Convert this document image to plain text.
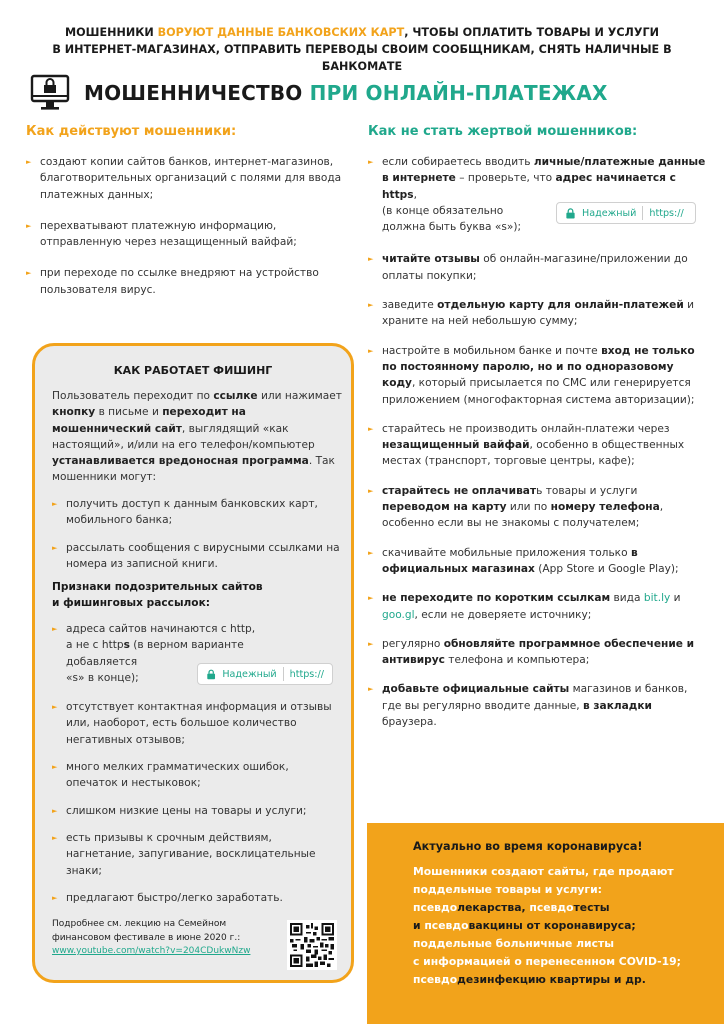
МОШЕННИКИ ВОРУЮТ ДАННЫЕ БАНКОВСКИХ КАРТ, ЧТОБЫ ОПЛАТИТЬ ТОВАРЫ И УСЛУГИ
В ИНТЕРНЕТ-МАГАЗИНАХ, ОТПРАВИТЬ ПЕРЕВОДЫ СВОИМ СООБЩНИКАМ, СНЯТЬ НАЛИЧНЫЕ В БАНКОМАТЕ
МОШЕННИЧЕСТВО ПРИ ОНЛАЙН-ПЛАТЕЖАХ
Как действуют мошенники:
► создают копии сайтов банков, интернет-магазинов, благотворительных организаций с полями для ввода платежных данных;
► перехватывают платежную информацию, отправленную через незащищенный вайфай;
► при переходе по ссылке внедряют на устройство пользователя вирус.
КАК РАБОТАЕТ ФИШИНГ
Пользователь переходит по ссылке или нажимает кнопку в письме и переходит на мошеннический сайт, выглядящий «как настоящий», и/или на его телефон/компьютер устанавливается вредоносная программа. Так мошенники могут:
► получить доступ к данным банковских карт, мобильного банка;
► рассылать сообщения с вирусными ссылками на номера из записной книги.
Признаки подозрительных сайтов
и фишинговых рассылок:
► адреса сайтов начинаются с http,
а не с https (в верном варианте
добавляется
«s» в конце);
► отсутствует контактная информация и отзывы или, наоборот, есть большое количество негативных отзывов;
► много мелких грамматических ошибок, опечаток и нестыковок;
► слишком низкие цены на товары и услуги;
► есть призывы к срочным действиям, нагнетание, запугивание, восклицательные знаки;
► предлагают быстро/легко заработать.
Надежный https://
Подробнее см. лекцию на Семейном
финансовом фестивале в июне 2020 г.:
www.youtube.com/watch?v=204CDukwNzw
Как не стать жертвой мошенников:
► если собираетесь вводить личные/платежные данные в интернете – проверьте, что адрес начинается с https,
(в конце обязательно
должна быть буква «s»);
► читайте отзывы об онлайн-магазине/приложении до оплаты покупки;
► заведите отдельную карту для онлайн-платежей и храните на ней небольшую сумму;
► настройте в мобильном банке и почте вход не только по постоянному паролю, но и по одноразовому коду, который присылается по СМС или генерируется приложением (многофакторная система авторизации);
► старайтесь не производить онлайн-платежи через незащищенный вайфай, особенно в общественных местах (транспорт, торговые центры, кафе);
► старайтесь не оплачивать товары и услуги переводом на карту или по номеру телефона, особенно если вы не знакомы с получателем;
► скачивайте мобильные приложения только в официальных магазинах (App Store и Google Play);
► не переходите по коротким ссылкам вида bit.ly и goo.gl, если не доверяете источнику;
► регулярно обновляйте программное обеспечение и антивирус телефона и компьютера;
► добавьте официальные сайты магазинов и банков, где вы регулярно вводите данные, в закладки браузера.
Надежный https://
Актуально во время коронавируса!
Мошенники создают сайты, где продают
поддельные товары и услуги:
псевдолекарства, псевдотесты
и псевдовакцины от коронавируса;
поддельные больничные листы
с информацией о перенесенном COVID-19;
псевдодезинфекцию квартиры и др.
